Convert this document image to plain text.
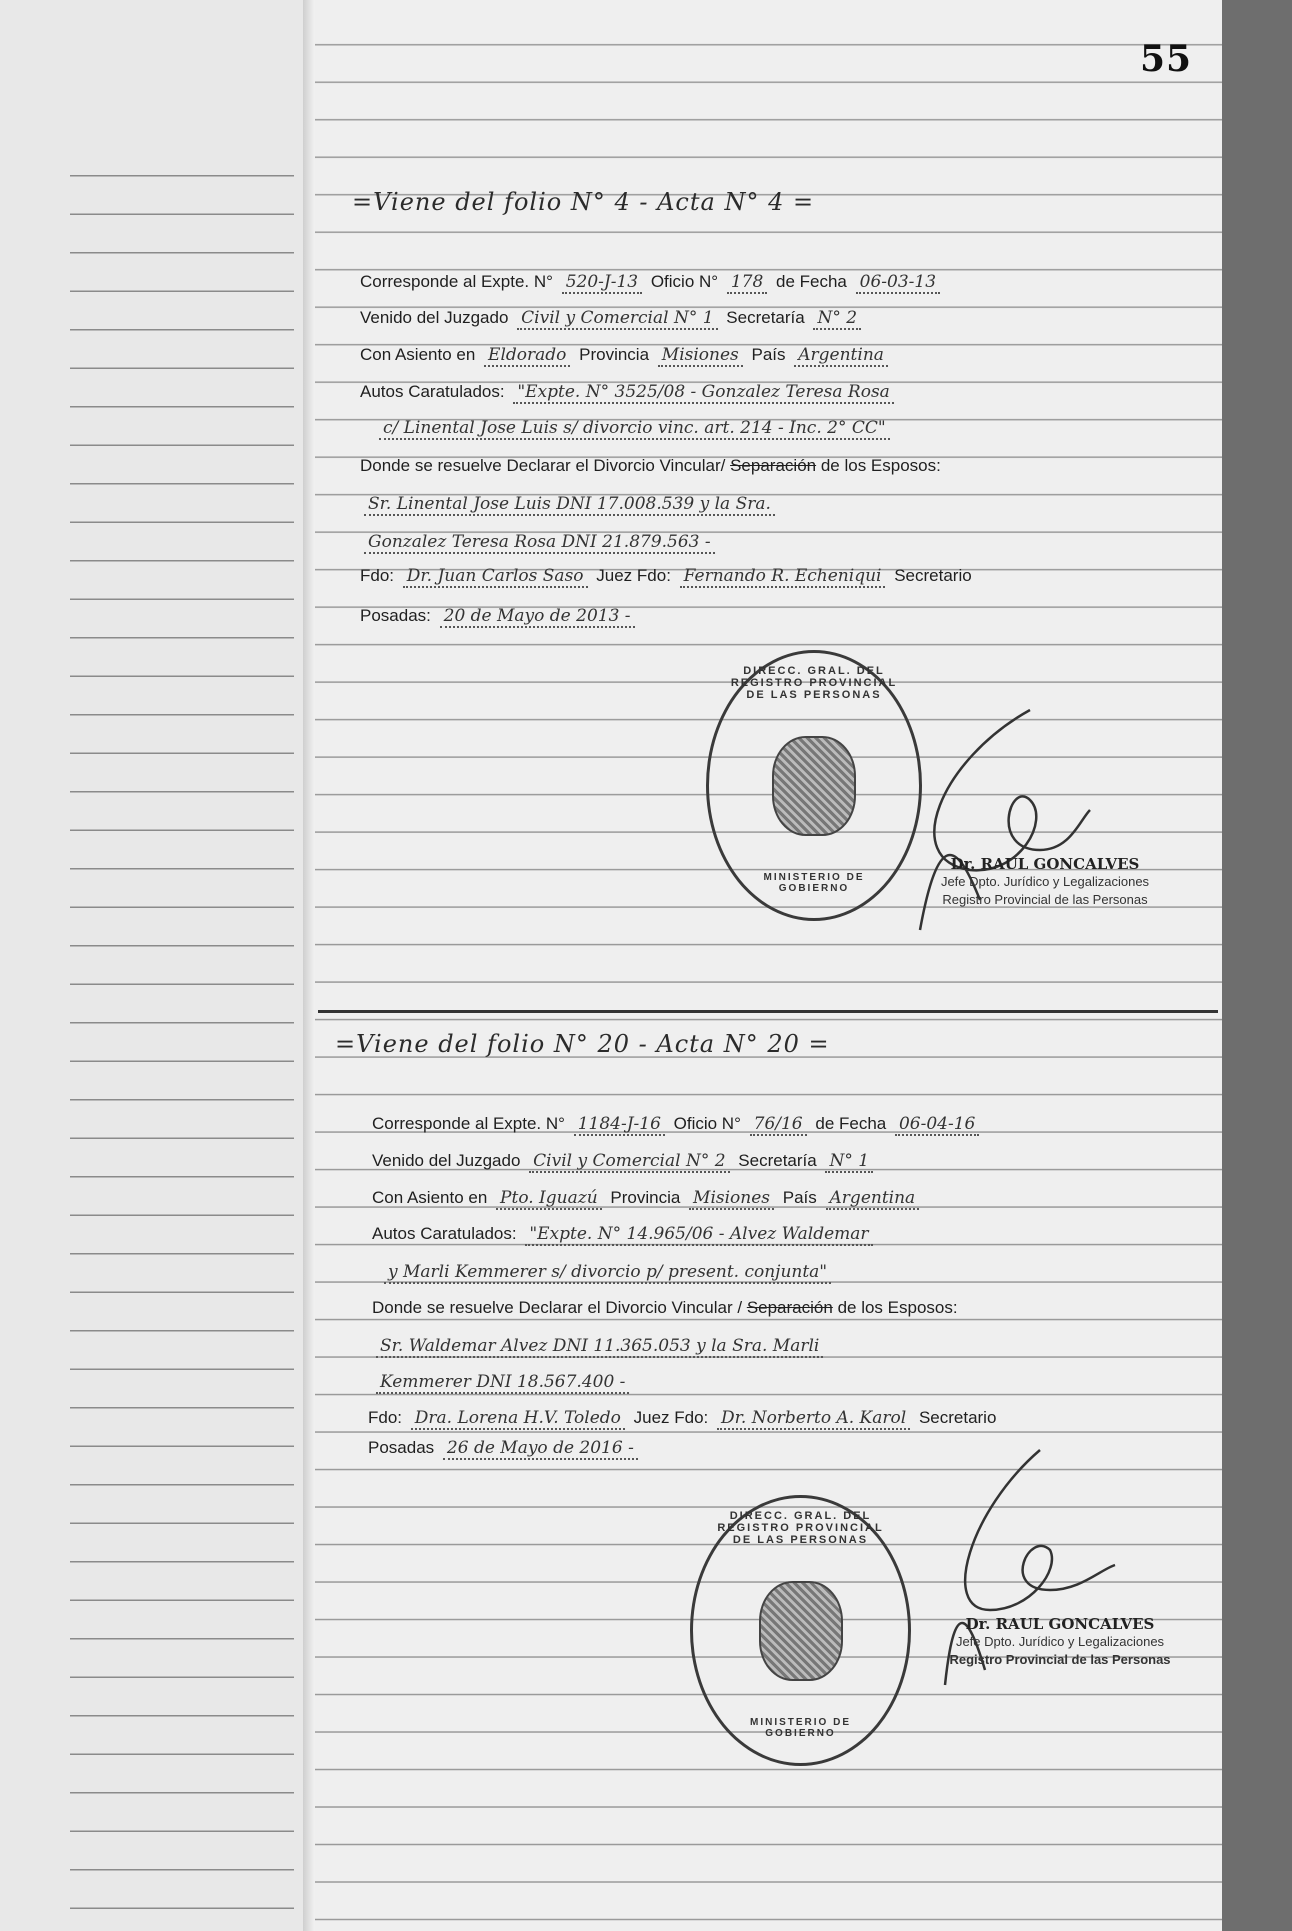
55
=Viene del folio N° 4 - Acta N° 4 =
Corresponde al Expte. N° 520-J-13 Oficio N° 178 de Fecha 06-03-13
Venido del Juzgado Civil y Comercial N° 1 Secretaría N° 2
Con Asiento en Eldorado Provincia Misiones País Argentina
Autos Caratulados: "Expte. N° 3525/08 - Gonzalez Teresa Rosa
c/ Linental Jose Luis s/ divorcio vinc. art. 214 - Inc. 2° CC"
Donde se resuelve Declarar el Divorcio Vincular/ Separación de los Esposos:
Sr. Linental Jose Luis DNI 17.008.539 y la Sra.
Gonzalez Teresa Rosa DNI 21.879.563 -
Fdo: Dr. Juan Carlos Saso Juez Fdo: Fernando R. Echeniqui Secretario
Posadas: 20 de Mayo de 2013 -
DIRECC. GRAL. DEL REGISTRO PROVINCIAL DE LAS PERSONAS
MINISTERIO DE GOBIERNO
Dr. RAUL GONCALVES
Jefe Dpto. Jurídico y Legalizaciones
Registro Provincial de las Personas
=Viene del folio N° 20 - Acta N° 20 =
Corresponde al Expte. N° 1184-J-16 Oficio N° 76/16 de Fecha 06-04-16
Venido del Juzgado Civil y Comercial N° 2 Secretaría N° 1
Con Asiento en Pto. Iguazú Provincia Misiones País Argentina
Autos Caratulados: "Expte. N° 14.965/06 - Alvez Waldemar
y Marli Kemmerer s/ divorcio p/ present. conjunta"
Donde se resuelve Declarar el Divorcio Vincular / Separación de los Esposos:
Sr. Waldemar Alvez DNI 11.365.053 y la Sra. Marli
Kemmerer DNI 18.567.400 -
Fdo: Dra. Lorena H.V. Toledo Juez Fdo: Dr. Norberto A. Karol Secretario
Posadas 26 de Mayo de 2016 -
DIRECC. GRAL. DEL REGISTRO PROVINCIAL DE LAS PERSONAS
MINISTERIO DE GOBIERNO
Dr. RAUL GONCALVES
Jefe Dpto. Jurídico y Legalizaciones
Registro Provincial de las Personas
